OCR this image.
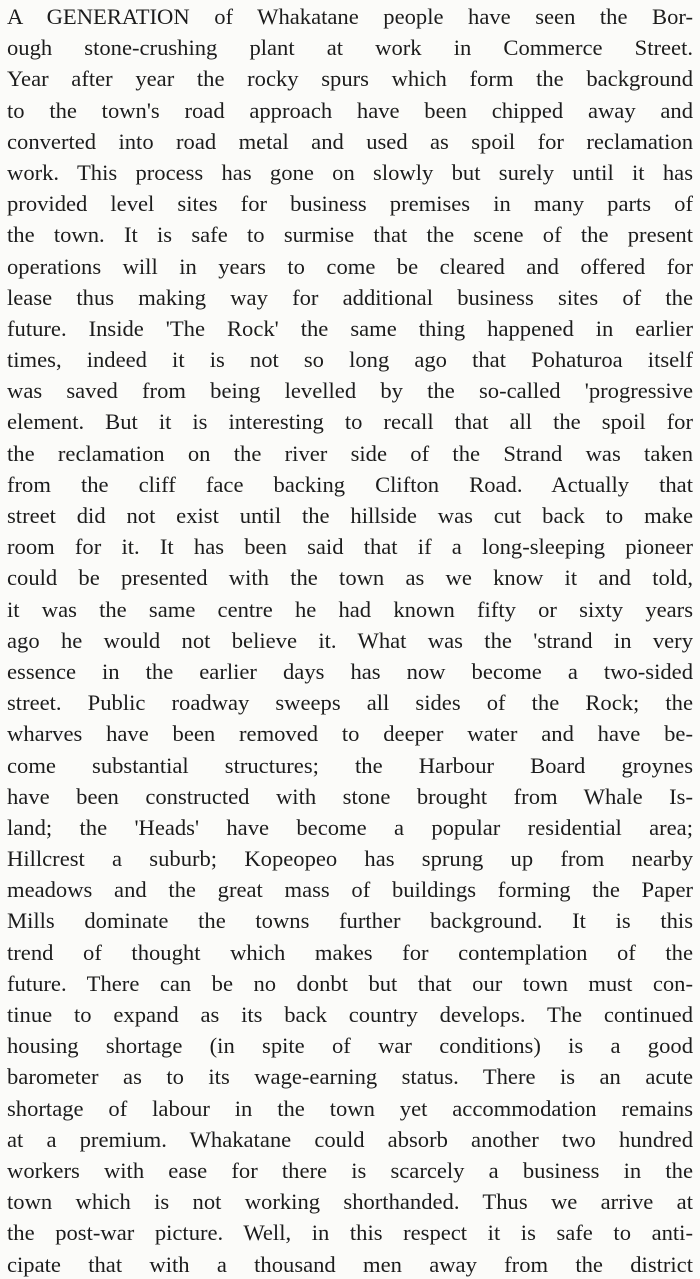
A GENERATION of Whakatane people have seen the Bor-
ough stone-crushing plant at work in Commerce Street.
Year after year the rocky spurs which form the background
to the town's road approach have been chipped away and
converted into road metal and used as spoil for reclamation
work. This process has gone on slowly but surely until it has
provided level sites for business premises in many parts of
the town. It is safe to surmise that the scene of the present
operations will in years to come be cleared and offered for
lease thus making way for additional business sites of the
future. Inside 'The Rock' the same thing happened in earlier
times, indeed it is not so long ago that Pohaturoa itself
was saved from being levelled by the so-called 'progressive
element. But it is interesting to recall that all the spoil for
the reclamation on the river side of the Strand was taken
from the cliff face backing Clifton Road. Actually that
street did not exist until the hillside was cut back to make
room for it. It has been said that if a long-sleeping pioneer
could be presented with the town as we know it and told,
it was the same centre he had known fifty or sixty years
ago he would not believe it. What was the 'strand in very
essence in the earlier days has now become a two-sided
street. Public roadway sweeps all sides of the Rock; the
wharves have been removed to deeper water and have be-
come substantial structures; the Harbour Board groynes
have been constructed with stone brought from Whale Is-
land; the 'Heads' have become a popular residential area;
Hillcrest a suburb; Kopeopeo has sprung up from nearby
meadows and the great mass of buildings forming the Paper
Mills dominate the towns further background. It is this
trend of thought which makes for contemplation of the
future. There can be no donbt but that our town must con-
tinue to expand as its back country develops. The continued
housing shortage (in spite of war conditions) is a good
barometer as to its wage-earning status. There is an acute
shortage of labour in the town yet accommodation remains
at a premium. Whakatane could absorb another two hundred
workers with ease for there is scarcely a business in the
town which is not working shorthanded. Thus we arrive at
the post-war picture. Well, in this respect it is safe to anti-
cipate that with a thousand men away from the district
